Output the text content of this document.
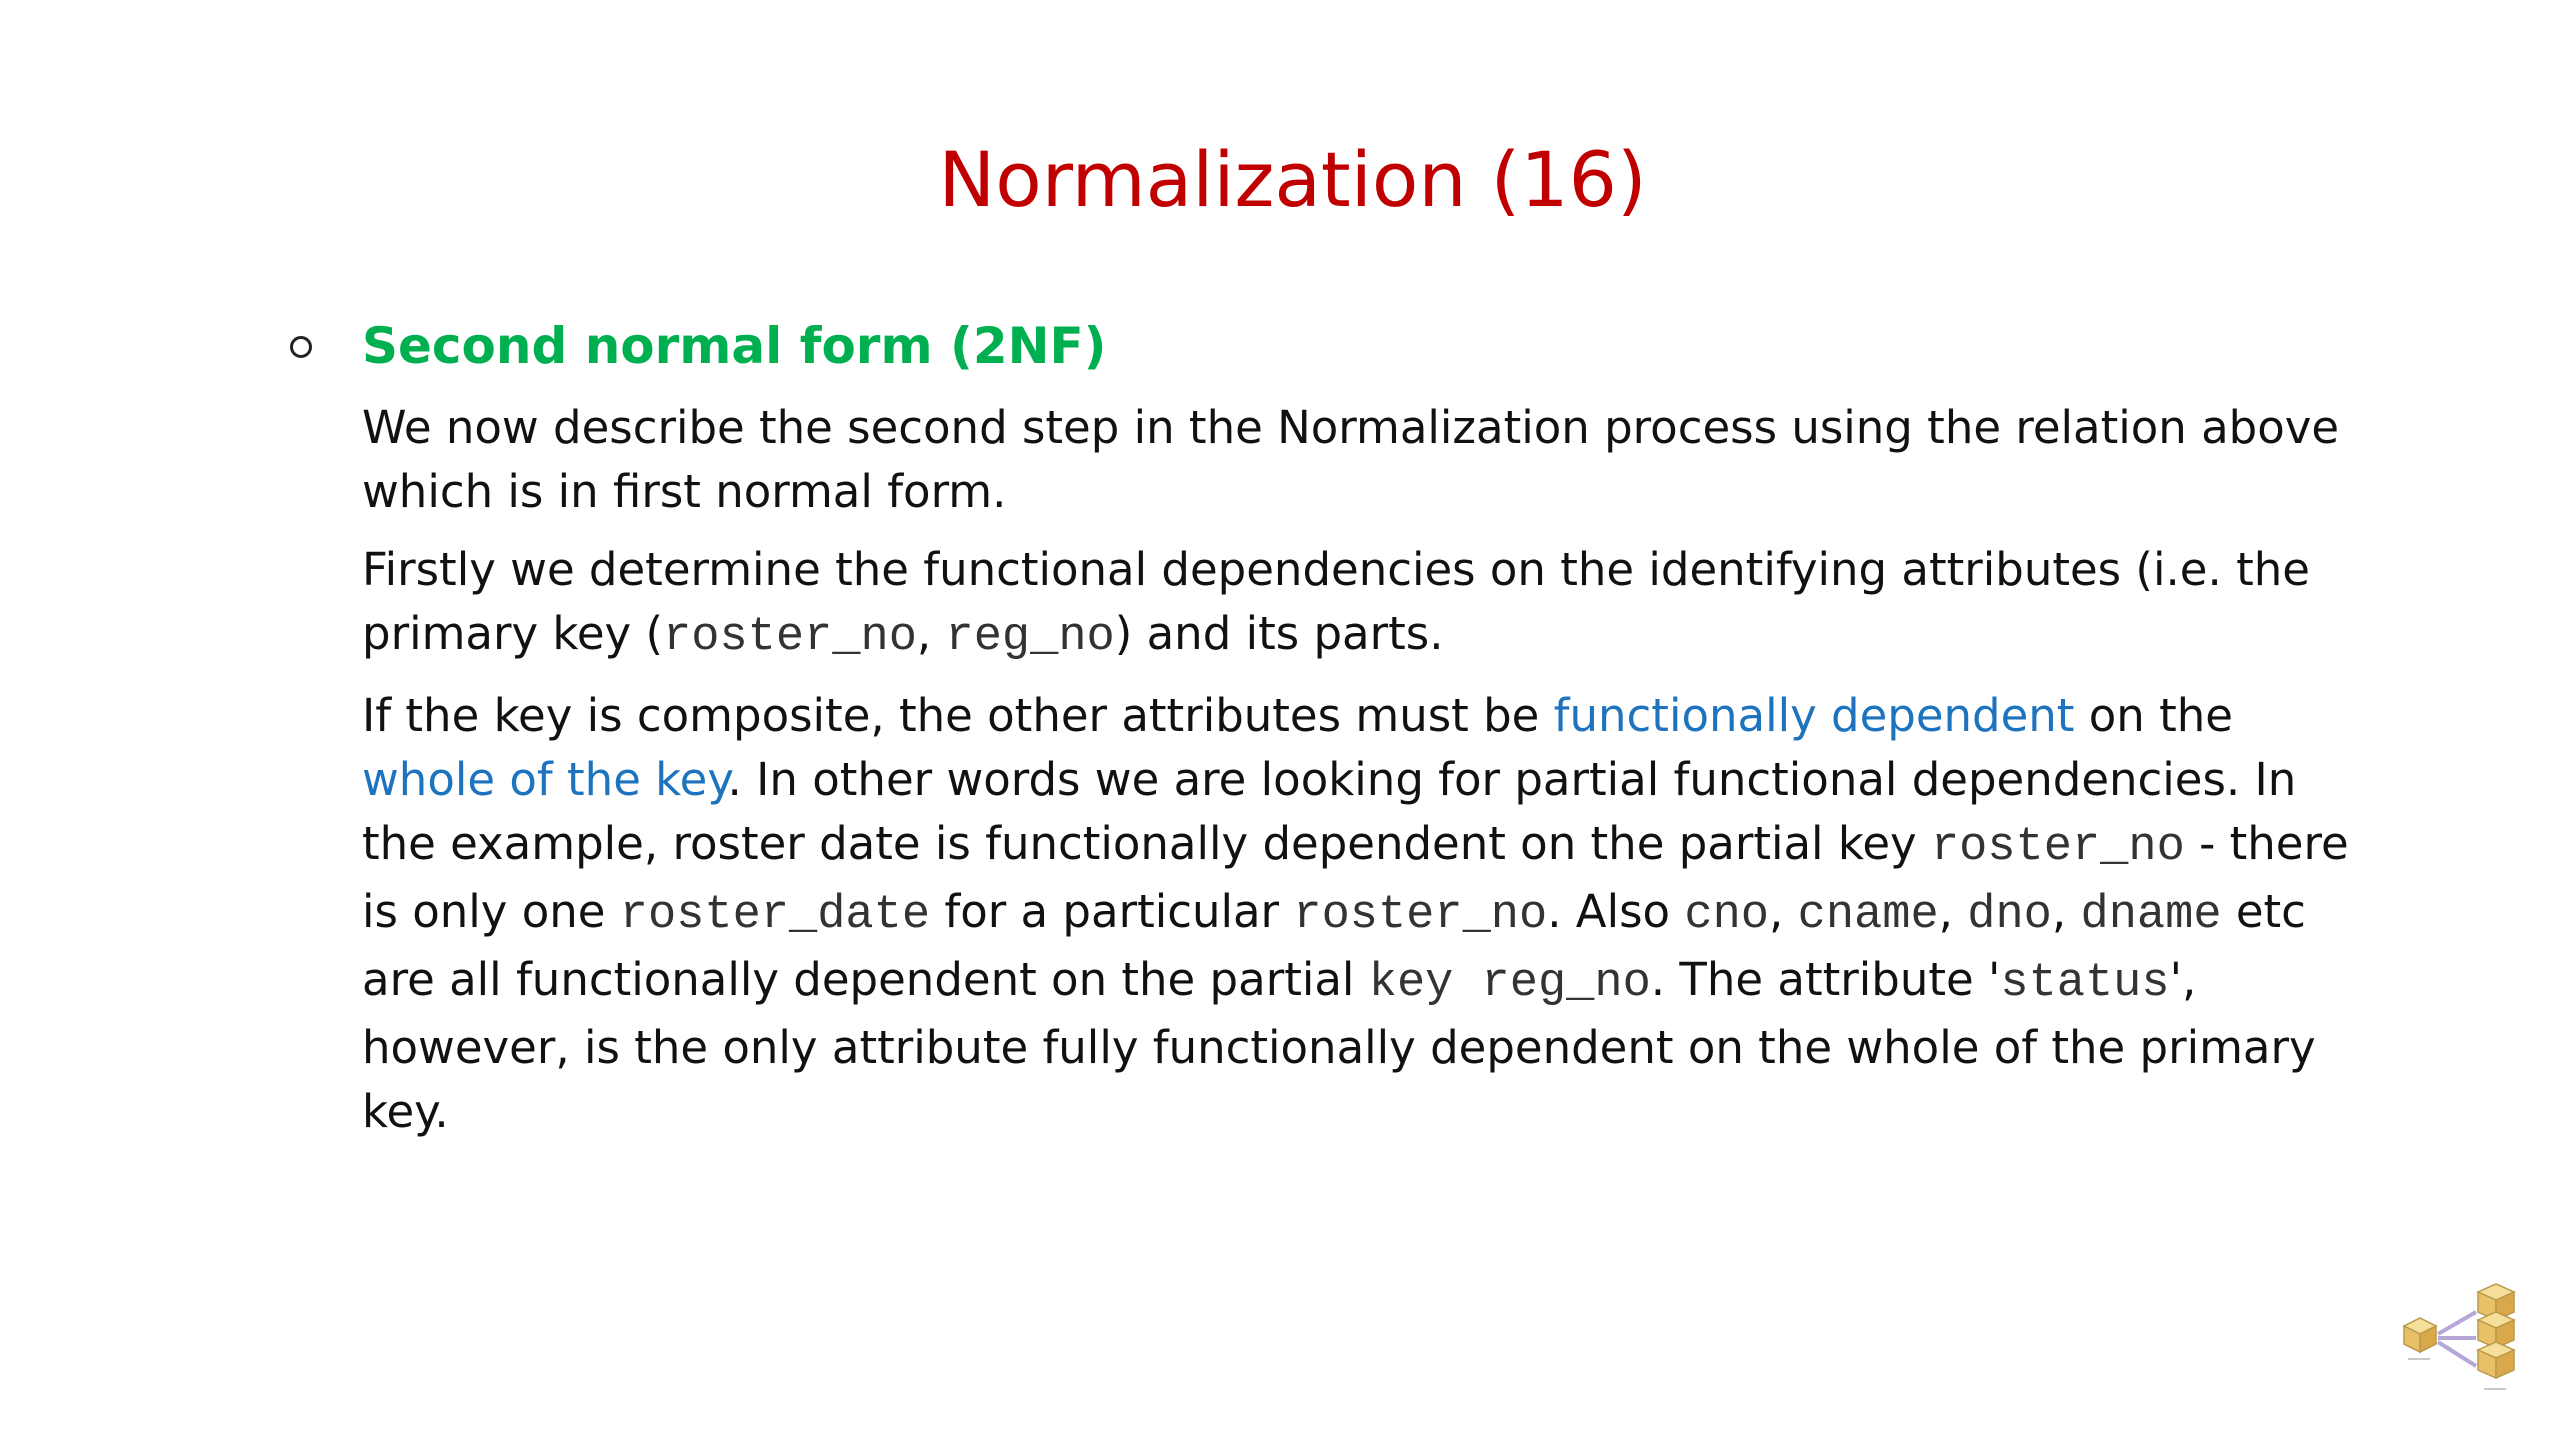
Normalization (16)
Second normal form (2NF)

We now describe the second step in the Normalization process using the relation above which is in first normal form.

Firstly we determine the functional dependencies on the identifying attributes (i.e. the primary key (roster_no, reg_no) and its parts.

If the key is composite, the other attributes must be functionally dependent on the whole of the key. In other words we are looking for partial functional dependencies. In the example, roster date is functionally dependent on the partial key roster_no - there is only one roster_date for a particular roster_no. Also cno, cname, dno, dname etc are all functionally dependent on the partial key reg_no. The attribute 'status', however, is the only attribute fully functionally dependent on the whole of the primary key.
